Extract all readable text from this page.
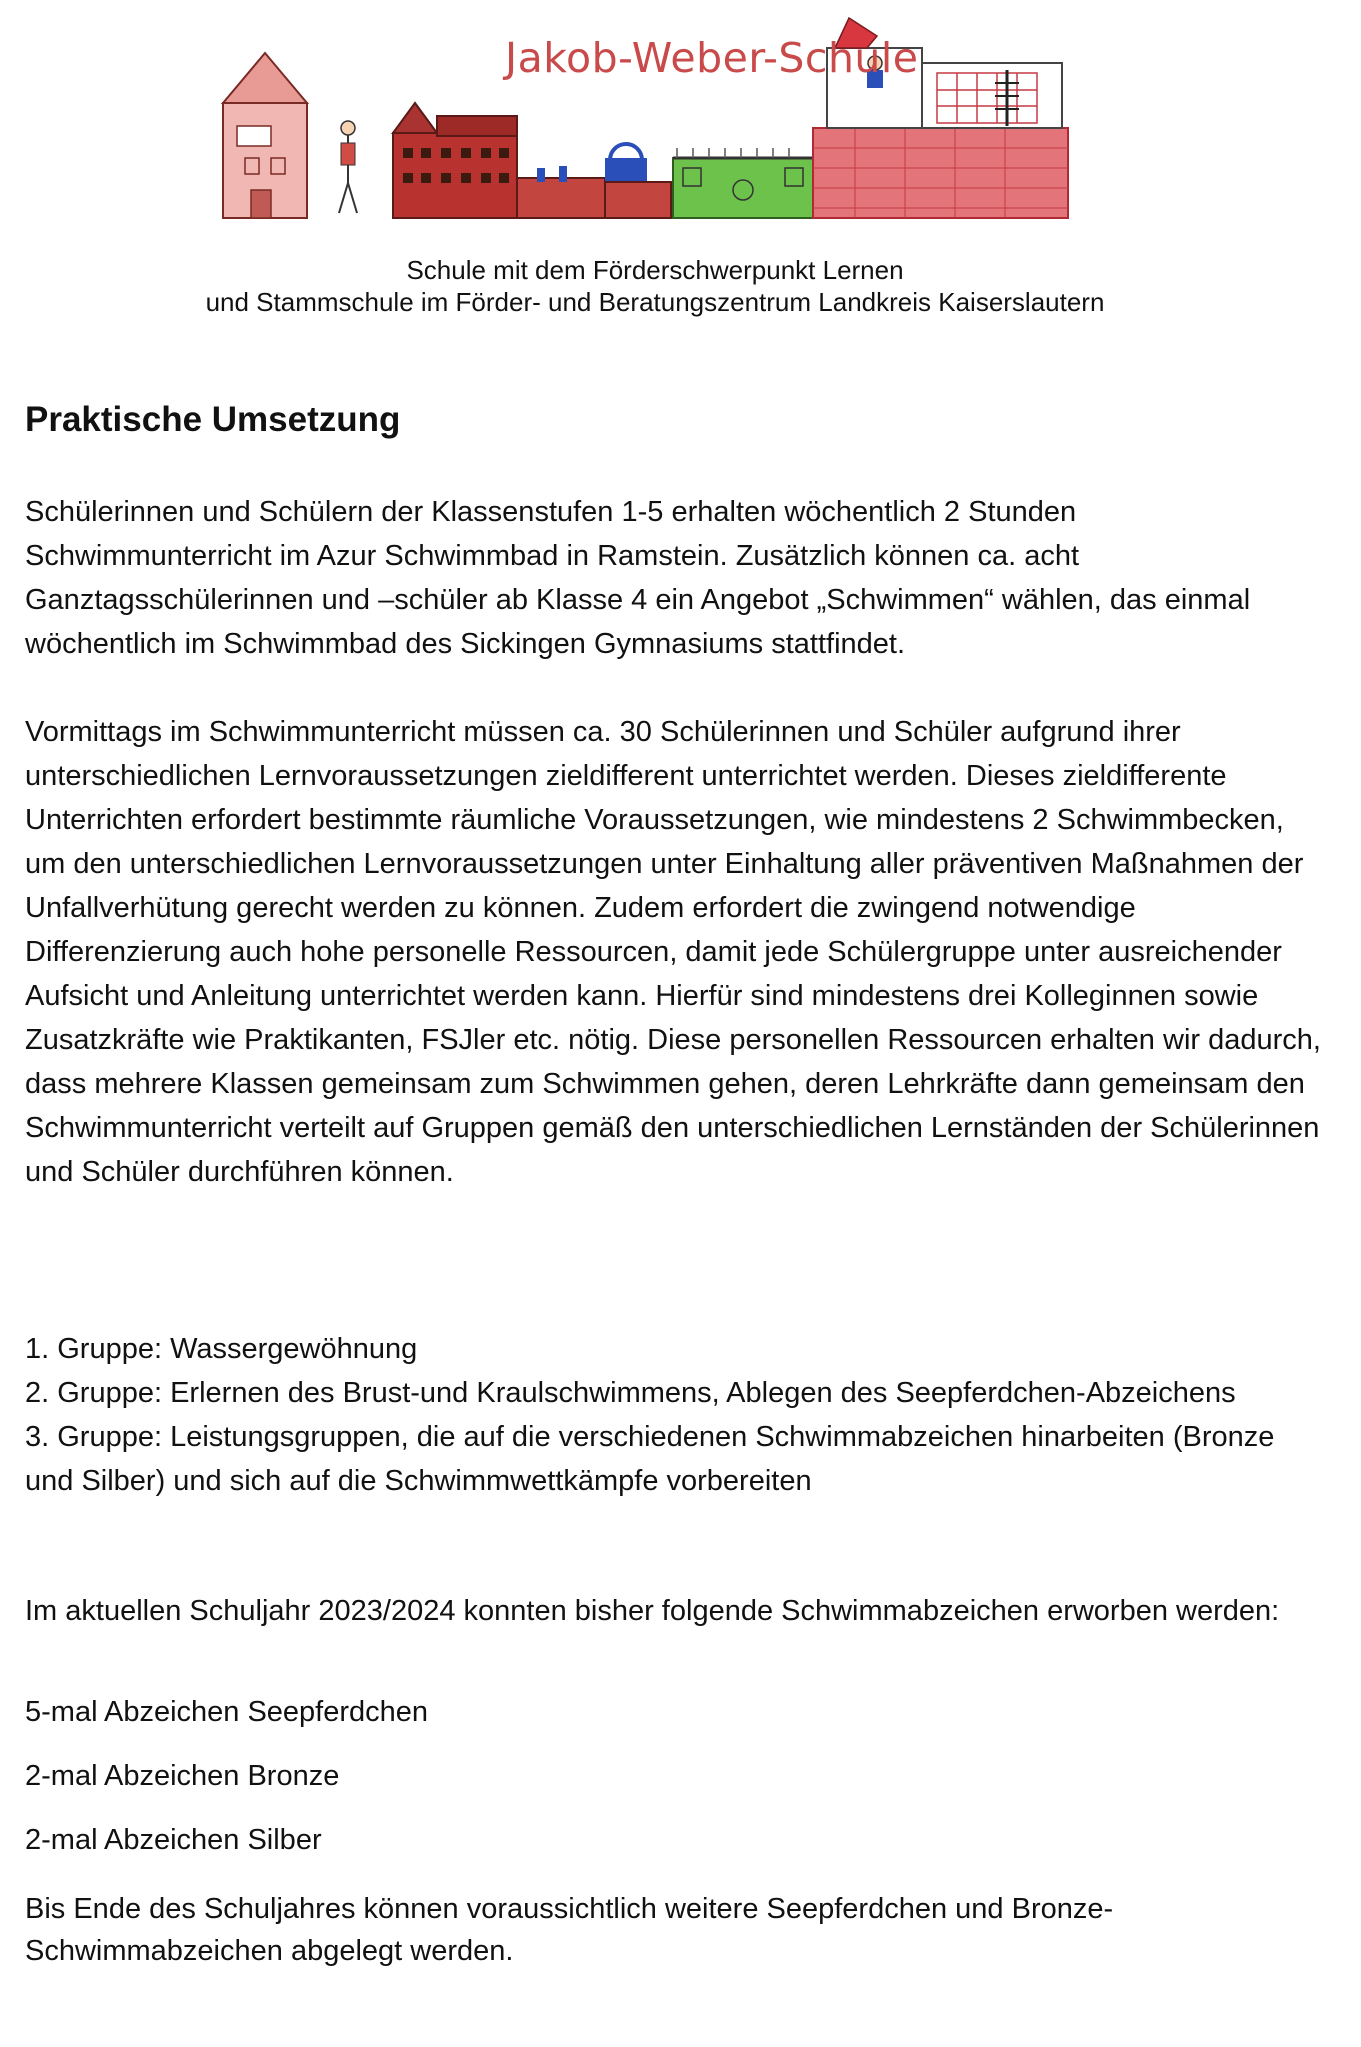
Jakob-Weber-Schule
Schule mit dem Förderschwerpunkt Lernen
und Stammschule im Förder- und Beratungszentrum Landkreis Kaiserslautern
Praktische Umsetzung

Schülerinnen und Schülern der Klassenstufen 1-5 erhalten wöchentlich 2 Stunden Schwimmunterricht im Azur Schwimmbad in Ramstein. Zusätzlich können ca. acht Ganztagsschülerinnen und –schüler ab Klasse 4 ein Angebot „Schwimmen“ wählen, das einmal wöchentlich im Schwimmbad des Sickingen Gymnasiums stattfindet.

Vormittags im Schwimmunterricht müssen ca. 30 Schülerinnen und Schüler aufgrund ihrer unterschiedlichen Lernvoraussetzungen zieldifferent unterrichtet werden. Dieses zieldifferente Unterrichten erfordert bestimmte räumliche Voraussetzungen, wie mindestens 2 Schwimmbecken, um den unterschiedlichen Lernvoraussetzungen unter Einhaltung aller präventiven Maßnahmen der Unfallverhütung gerecht werden zu können. Zudem erfordert die zwingend notwendige Differenzierung auch hohe personelle Ressourcen, damit jede Schülergruppe unter ausreichender Aufsicht und Anleitung unterrichtet werden kann. Hierfür sind mindestens drei Kolleginnen sowie Zusatzkräfte wie Praktikanten, FSJler etc. nötig. Diese personellen Ressourcen erhalten wir dadurch, dass mehrere Klassen gemeinsam zum Schwimmen gehen, deren Lehrkräfte dann gemeinsam den Schwimmunterricht verteilt auf Gruppen gemäß den unterschiedlichen Lernständen der Schülerinnen und Schüler durchführen können.

1. Gruppe: Wassergewöhnung
2. Gruppe: Erlernen des Brust-und Kraulschwimmens, Ablegen des Seepferdchen-Abzeichens
3. Gruppe: Leistungsgruppen, die auf die verschiedenen Schwimmabzeichen hinarbeiten (Bronze und Silber) und sich auf die Schwimmwettkämpfe vorbereiten

Im aktuellen Schuljahr 2023/2024 konnten bisher folgende Schwimmabzeichen erworben werden:

5-mal Abzeichen Seepferdchen
2-mal Abzeichen Bronze
2-mal Abzeichen Silber

Bis Ende des Schuljahres können voraussichtlich weitere Seepferdchen und Bronze-Schwimmabzeichen abgelegt werden.
